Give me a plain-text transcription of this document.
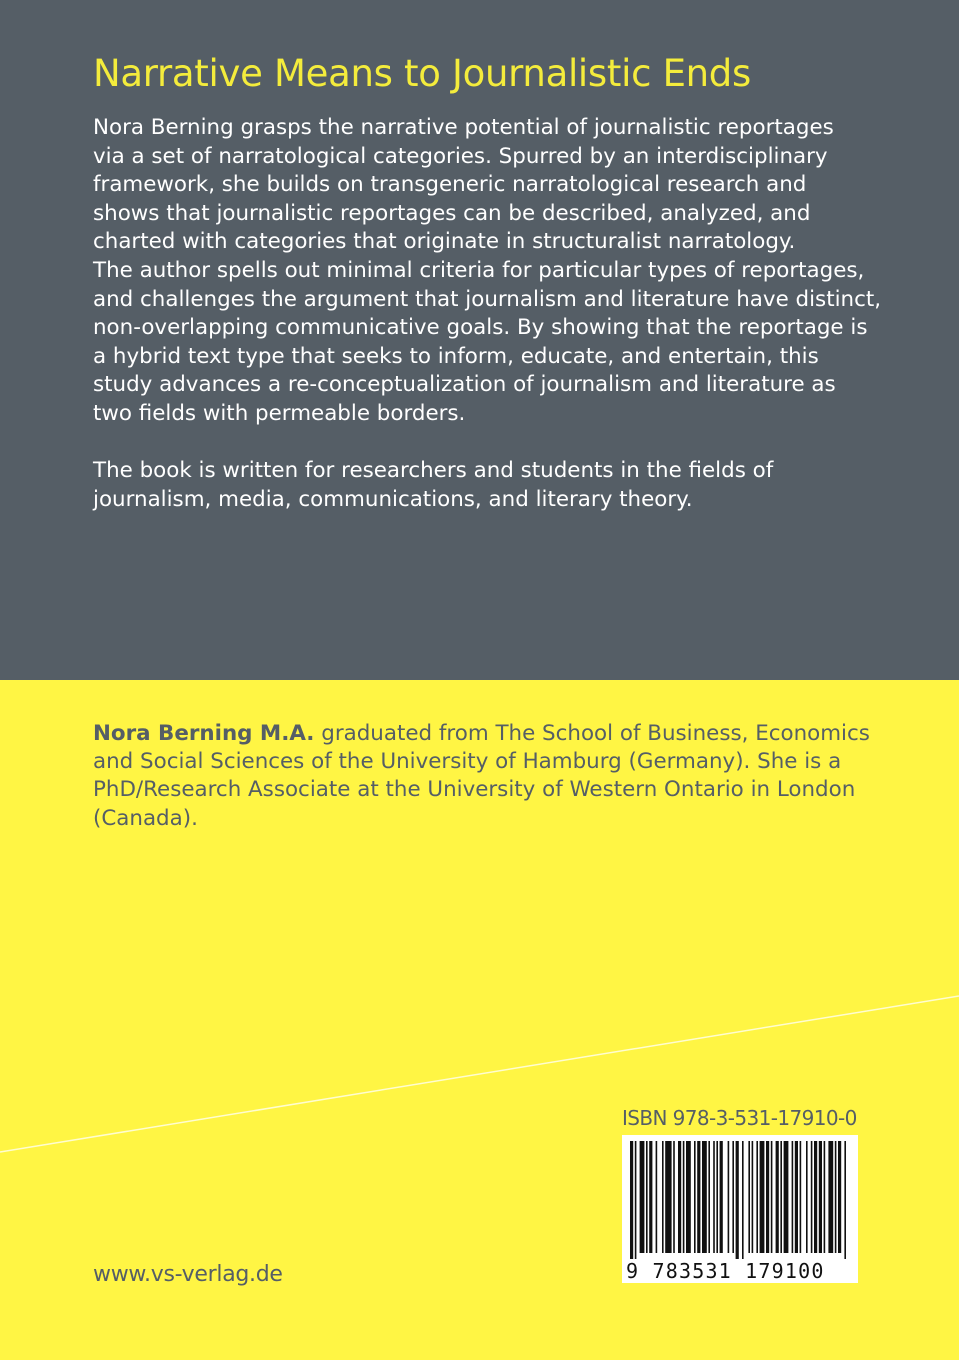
Narrative Means to Journalistic Ends

Nora Berning grasps the narrative potential of journalistic reportages
via a set of narratological categories. Spurred by an interdisciplinary
framework, she builds on transgeneric narratological research and
shows that journalistic reportages can be described, analyzed, and
charted with categories that originate in structuralist narratology.
The author spells out minimal criteria for particular types of reportages,
and challenges the argument that journalism and literature have distinct,
non-overlapping communicative goals. By showing that the reportage is
a hybrid text type that seeks to inform, educate, and entertain, this
study advances a re-conceptualization of journalism and literature as
two fields with permeable borders.

The book is written for researchers and students in the fields of
journalism, media, communications, and literary theory.

Nora Berning M.A. graduated from The School of Business, Economics
and Social Sciences of the University of Hamburg (Germany). She is a
PhD/Research Associate at the University of Western Ontario in London
(Canada).
ISBN 978-3-531-17910-0
9 783531 179100
www.vs-verlag.de
